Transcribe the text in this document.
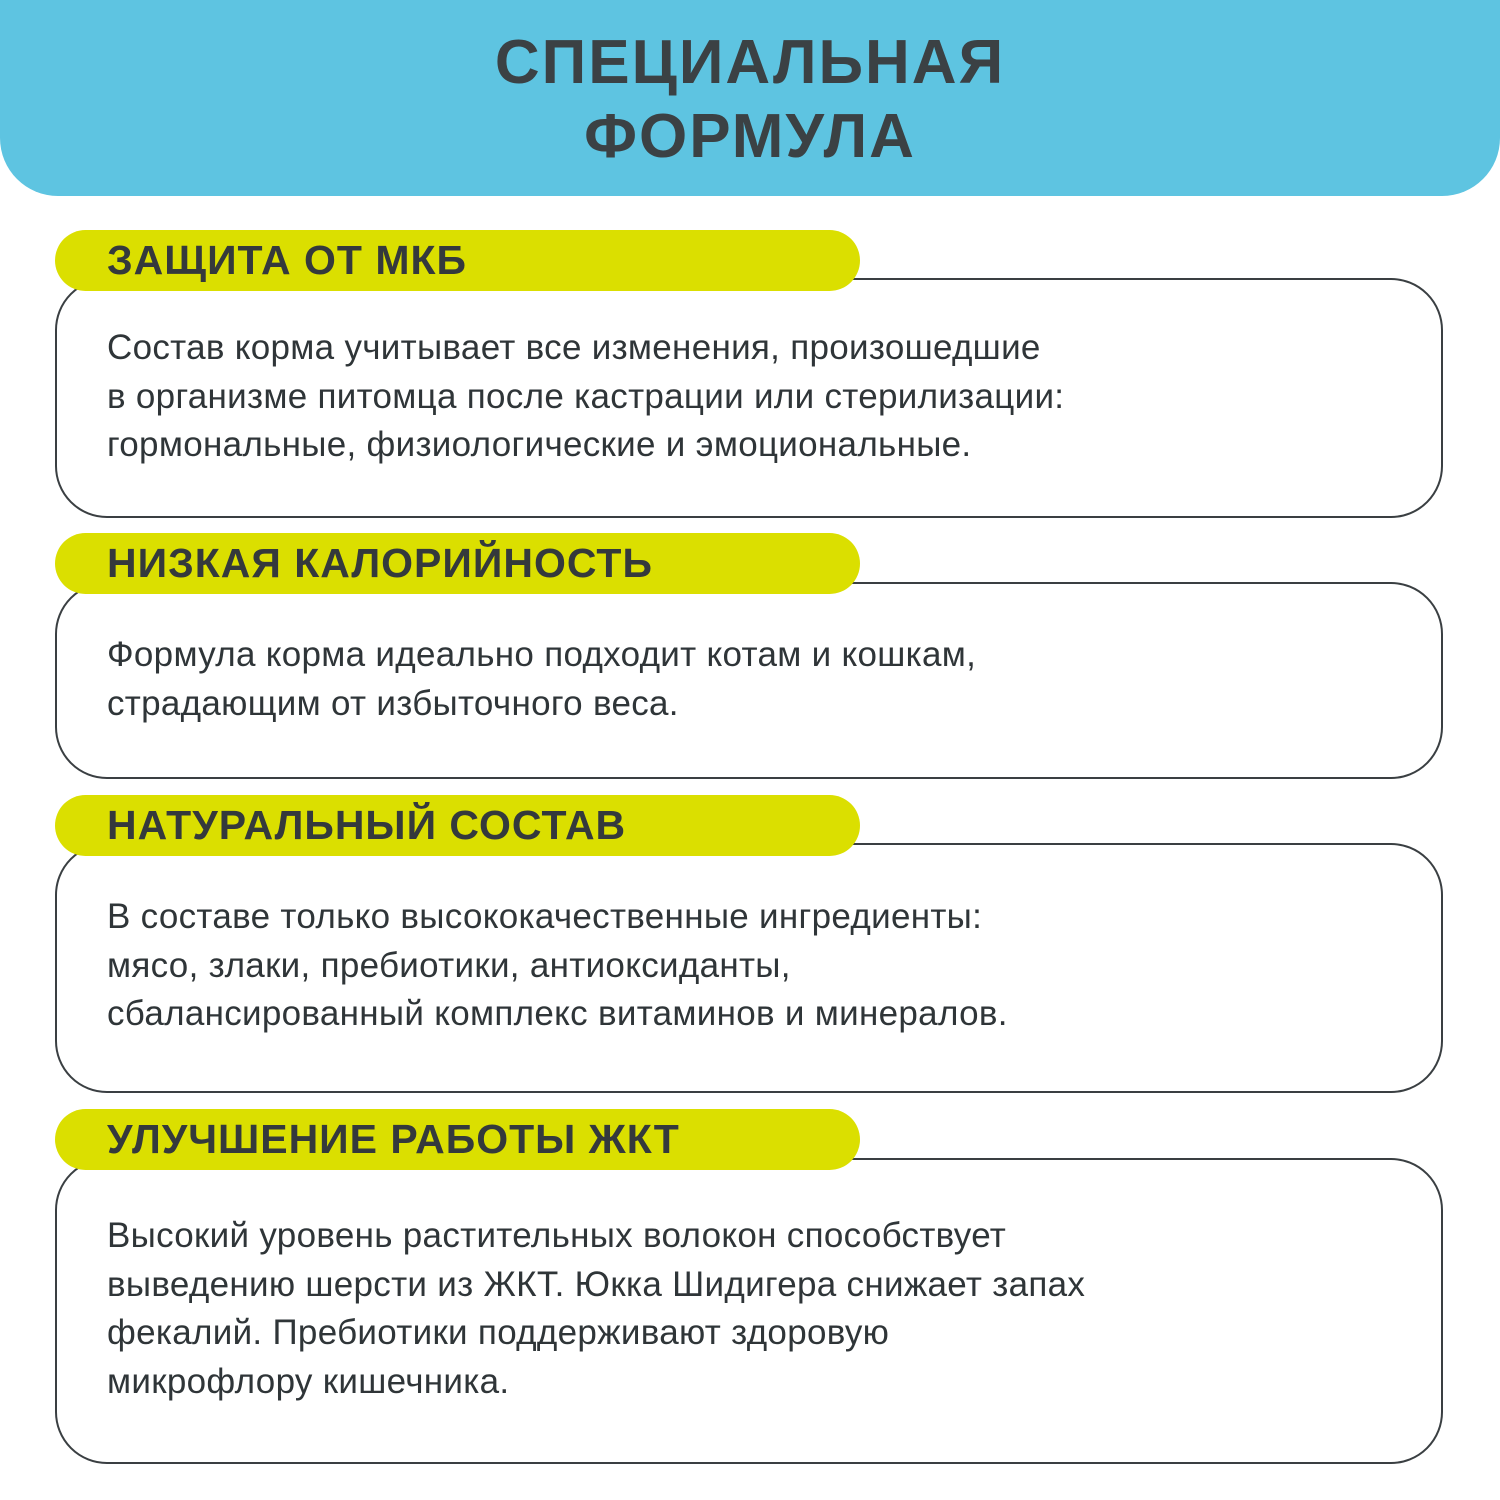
СПЕЦИАЛЬНАЯ
ФОРМУЛА
ЗАЩИТА ОТ МКБ
Состав корма учитывает все изменения, произошедшие
в организме питомца после кастрации или стерилизации:
гормональные, физиологические и эмоциональные.
НИЗКАЯ КАЛОРИЙНОСТЬ
Формула корма идеально подходит котам и кошкам,
страдающим от избыточного веса.
НАТУРАЛЬНЫЙ СОСТАВ
В составе только высококачественные ингредиенты:
мясо, злаки, пребиотики, антиоксиданты,
сбалансированный комплекс витаминов и минералов.
УЛУЧШЕНИЕ РАБОТЫ ЖКТ
Высокий уровень растительных волокон способствует
выведению шерсти из ЖКТ. Юкка Шидигера снижает запах
фекалий. Пребиотики поддерживают здоровую
микрофлору кишечника.
